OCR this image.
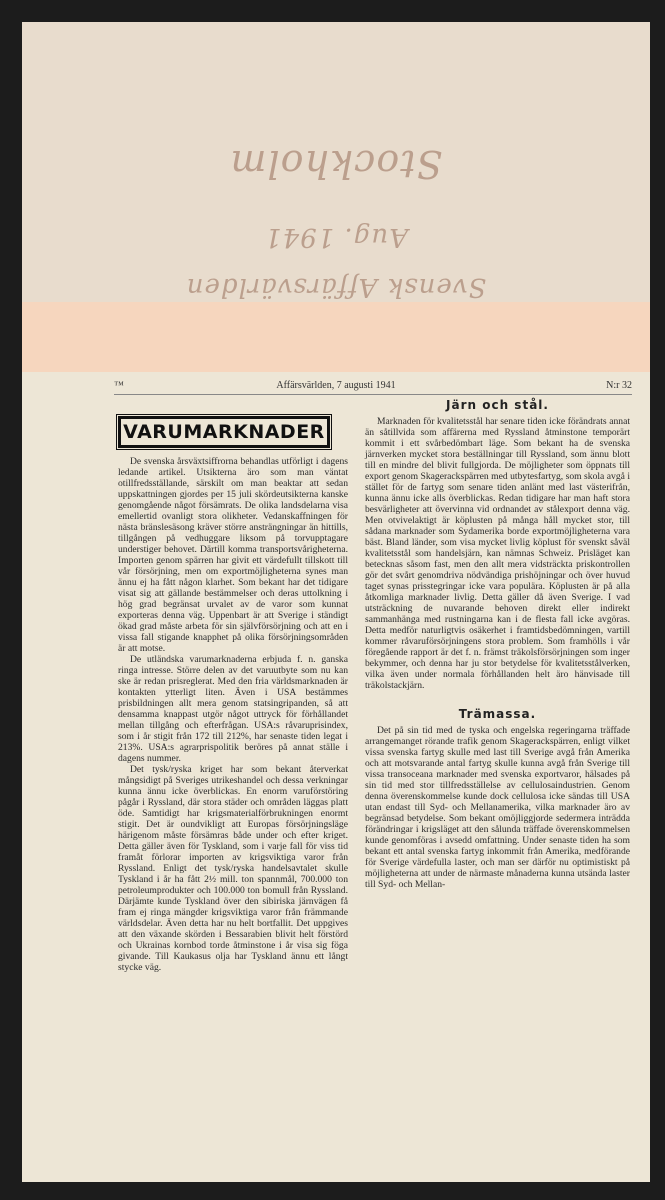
Stockholm
Aug. 1941
Svensk Affärsvärlden
™	Affärsvärlden, 7 augusti 1941	N:r 32
VARUMARKNADER

De svenska årsväxtsiffrorna behandlas utförligt i dagens ledande artikel. Utsikterna äro som man väntat otillfredsställande, särskilt om man beaktar att sedan uppskattningen gjordes per 15 juli skördeutsikterna kanske genomgående något försämrats. De olika landsdelarna visa emellertid ovanligt stora olikheter. Vedanskaffningen för nästa bränslesäsong kräver större ansträngningar än hittills, tillgången på vedhuggare liksom på torvupptagare understiger behovet. Därtill komma transportsvårigheterna. Importen genom spärren har givit ett värdefullt tillskott till vår försörjning, men om exportmöjligheterna synes man ännu ej ha fått någon klarhet. Som bekant har det tidigare visat sig att gällande bestämmelser och deras uttolkning i hög grad begränsat urvalet av de varor som kunnat exporteras denna väg. Uppenbart är att Sverige i ständigt ökad grad måste arbeta för sin självförsörjning och att en i vissa fall stigande knapphet på olika försörjningsområden är att motse.

De utländska varumarknaderna erbjuda f. n. ganska ringa intresse. Större delen av det varuutbyte som nu kan ske är redan prisreglerat. Med den fria världsmarknaden är kontakten ytterligt liten. Även i USA bestämmes prisbildningen allt mera genom statsingripanden, så att densamma knappast utgör något uttryck för förhållandet mellan tillgång och efterfrågan. USA:s råvaruprisindex, som i år stigit från 172 till 212%, har senaste tiden legat i 213%. USA:s agrarprispolitik beröres på annat ställe i dagens nummer.

Det tysk/ryska kriget har som bekant återverkat mångsidigt på Sveriges utrikeshandel och dessa verkningar kunna ännu icke överblickas. En enorm varuförstöring pågår i Ryssland, där stora städer och områden läggas platt öde. Samtidigt har krigsmaterialförbrukningen enormt stigit. Det är oundvikligt att Europas försörjningsläge härigenom måste försämras både under och efter kriget. Detta gäller även för Tyskland, som i varje fall för viss tid framåt förlorar importen av krigsviktiga varor från Ryssland. Enligt det tysk/ryska handelsavtalet skulle Tyskland i år ha fått 2½ mill. ton spannmål, 700.000 ton petroleumprodukter och 100.000 ton bomull från Ryssland. Därjämte kunde Tyskland över den sibiriska järnvägen få fram ej ringa mängder krigsviktiga varor från främmande världsdelar. Även detta har nu helt bortfallit. Det uppgives att den växande skörden i Bessarabien blivit helt förstörd och Ukrainas kornbod torde åtminstone i år visa sig föga givande. Till Kaukasus olja har Tyskland ännu ett långt stycke väg.

Järn och stål.

Marknaden för kvalitetsstål har senare tiden icke förändrats annat än såtillvida som affärerna med Ryssland åtminstone temporärt kommit i ett svårbedömbart läge. Som bekant ha de svenska järnverken mycket stora beställningar till Ryssland, som ännu blott till en mindre del blivit fullgjorda. De möjligheter som öppnats till export genom Skagerackspärren med utbytesfartyg, som skola avgå i stället för de fartyg som senare tiden anlänt med last västerifrån, kunna ännu icke alls överblickas. Redan tidigare har man haft stora besvärligheter att övervinna vid ordnandet av stålexport denna väg. Men otvivelaktigt är köplusten på många håll mycket stor, till sådana marknader som Sydamerika borde exportmöjligheterna vara bäst. Bland länder, som visa mycket livlig köplust för svenskt såväl kvalitetsstål som handelsjärn, kan nämnas Schweiz. Prisläget kan betecknas såsom fast, men den allt mera vidsträckta priskontrollen gör det svårt genomdriva nödvändiga prishöjningar och över huvud taget synas prisstegringar icke vara populära. Köplusten är på alla åtkomliga marknader livlig. Detta gäller då även Sverige. I vad utsträckning de nuvarande behoven direkt eller indirekt sammanhänga med rustningarna kan i de flesta fall icke avgöras. Detta medför naturligtvis osäkerhet i framtidsbedömningen, vartill kommer råvaruförsörjningens stora problem. Som framhölls i vår föregående rapport är det f. n. främst träkolsförsörjningen som inger bekymmer, och denna har ju stor betydelse för kvalitetsstålverken, vilka även under normala förhållanden helt äro hänvisade till träkolstackjärn.

Trämassa.

Det på sin tid med de tyska och engelska regeringarna träffade arrangemanget rörande trafik genom Skagerackspärren, enligt vilket vissa svenska fartyg skulle med last till Sverige avgå från Amerika och att motsvarande antal fartyg skulle kunna avgå från Sverige till vissa transoceana marknader med svenska exportvaror, hälsades på sin tid med stor tillfredsställelse av cellulosaindustrien. Genom denna överenskommelse kunde dock cellulosa icke sändas till USA utan endast till Syd- och Mellanamerika, vilka marknader äro av begränsad betydelse. Som bekant omöjliggjorde sedermera inträdda förändringar i krigsläget att den sålunda träffade överenskommelsen kunde genomföras i avsedd omfattning. Under senaste tiden ha som bekant ett antal svenska fartyg inkommit från Amerika, medförande för Sverige värdefulla laster, och man ser därför nu optimistiskt på möjligheterna att under de närmaste månaderna kunna utsända laster till Syd- och Mellan-
